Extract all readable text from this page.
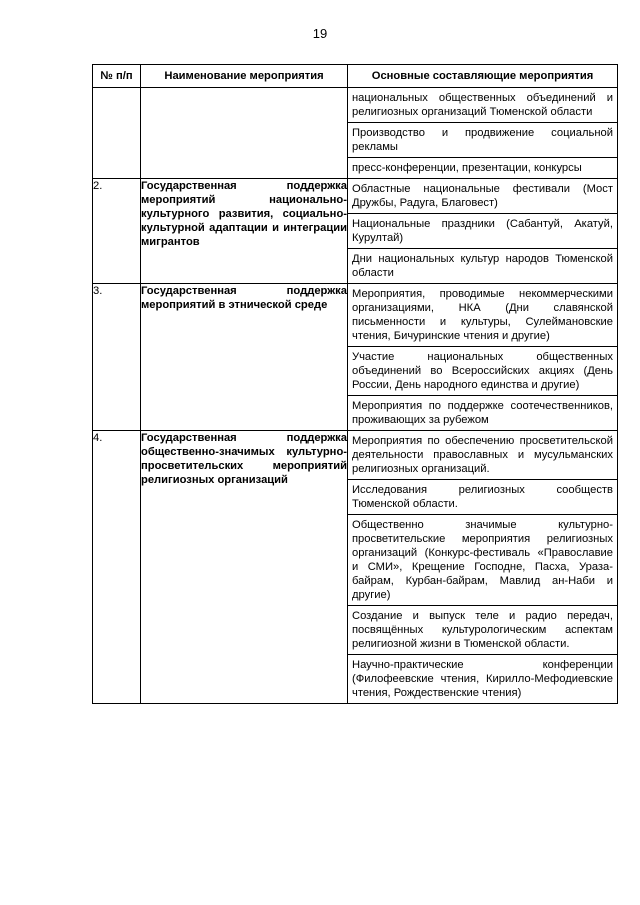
19
№ п/п	Наименование мероприятия	Основные составляющие мероприятия

		национальных общественных объединений и религиозных организаций Тюменской области
Производство и продвижение социальной рекламы
пресс-конференции, презентации, конкурсы

2.	Государственная поддержка мероприятий национально-культурного развития, социально-культурной адаптации и интеграции мигрантов	Областные национальные фестивали (Мост Дружбы, Радуга, Благовест)
Национальные праздники (Сабантуй, Акатуй, Курултай)
Дни национальных культур народов Тюменской области

3.	Государственная поддержка мероприятий в этнической среде	Мероприятия, проводимые некоммерческими организациями, НКА (Дни славянской письменности и культуры, Сулеймановские чтения, Бичуринские чтения и другие)
Участие национальных общественных объединений во Всероссийских акциях (День России, День народного единства и другие)
Мероприятия по поддержке соотечественников, проживающих за рубежом

4.	Государственная поддержка общественно-значимых культурно-просветительских мероприятий религиозных организаций	Мероприятия по обеспечению просветительской деятельности православных и мусульманских религиозных организаций.
Исследования религиозных сообществ Тюменской области.
Общественно значимые культурно-просветительские мероприятия религиозных организаций (Конкурс-фестиваль «Православие и СМИ», Крещение Господне, Пасха, Ураза-байрам, Курбан-байрам, Мавлид ан-Наби и другие)
Создание и выпуск теле и радио передач, посвящённых культурологическим аспектам религиозной жизни в Тюменской области.
Научно-практические конференции (Филофеевские чтения, Кирилло-Мефодиевские чтения, Рождественские чтения)
